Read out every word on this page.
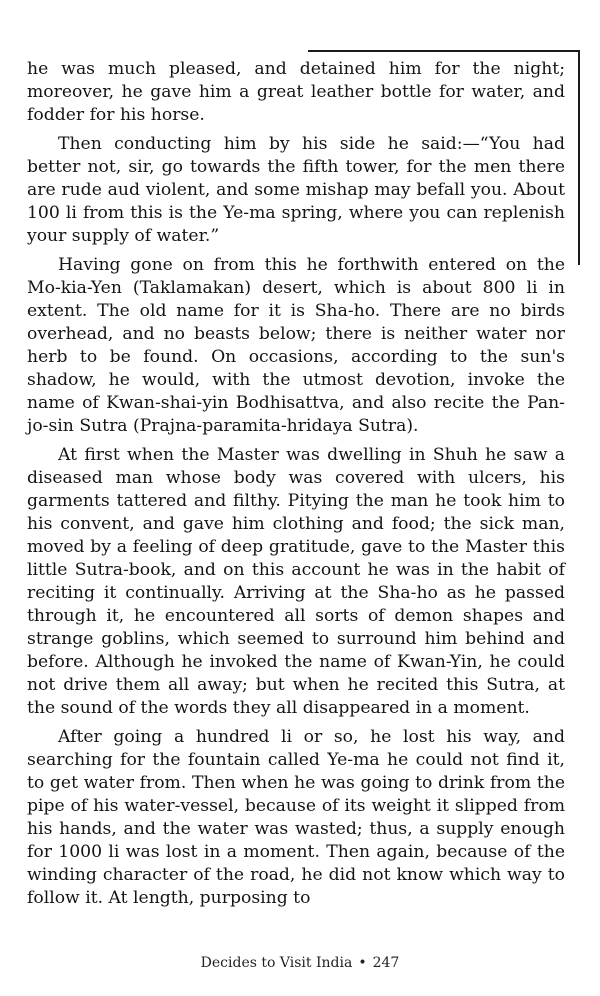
he was much pleased, and detained him for the night; moreover, he gave him a great leather bottle for water, and fodder for his horse.

Then conducting him by his side he said:—“You had better not, sir, go towards the fifth tower, for the men there are rude aud violent, and some mishap may befall you. About 100 li from this is the Ye-ma spring, where you can replenish your supply of water.”

Having gone on from this he forthwith entered on the Mo-kia-Yen (Taklamakan) desert, which is about 800 li in extent. The old name for it is Sha-ho. There are no birds overhead, and no beasts below; there is neither water nor herb to be found. On occasions, according to the sun's shadow, he would, with the utmost devotion, invoke the name of Kwan-shai-yin Bodhisattva, and also recite the Pan-jo-sin Sutra (Prajna-paramita-hridaya Sutra).

At first when the Master was dwelling in Shuh he saw a diseased man whose body was covered with ulcers, his garments tattered and filthy. Pitying the man he took him to his convent, and gave him clothing and food; the sick man, moved by a feeling of deep gratitude, gave to the Master this little Sutra-book, and on this account he was in the habit of reciting it continually. Arriving at the Sha-ho as he passed through it, he encountered all sorts of demon shapes and strange goblins, which seemed to surround him behind and before. Although he invoked the name of Kwan-Yin, he could not drive them all away; but when he recited this Sutra, at the sound of the words they all disappeared in a moment.

After going a hundred li or so, he lost his way, and searching for the fountain called Ye-ma he could not find it, to get water from. Then when he was going to drink from the pipe of his water-vessel, because of its weight it slipped from his hands, and the water was wasted; thus, a supply enough for 1000 li was lost in a moment. Then again, because of the winding character of the road, he did not know which way to follow it. At length, purposing to

Decides to Visit India • 247
